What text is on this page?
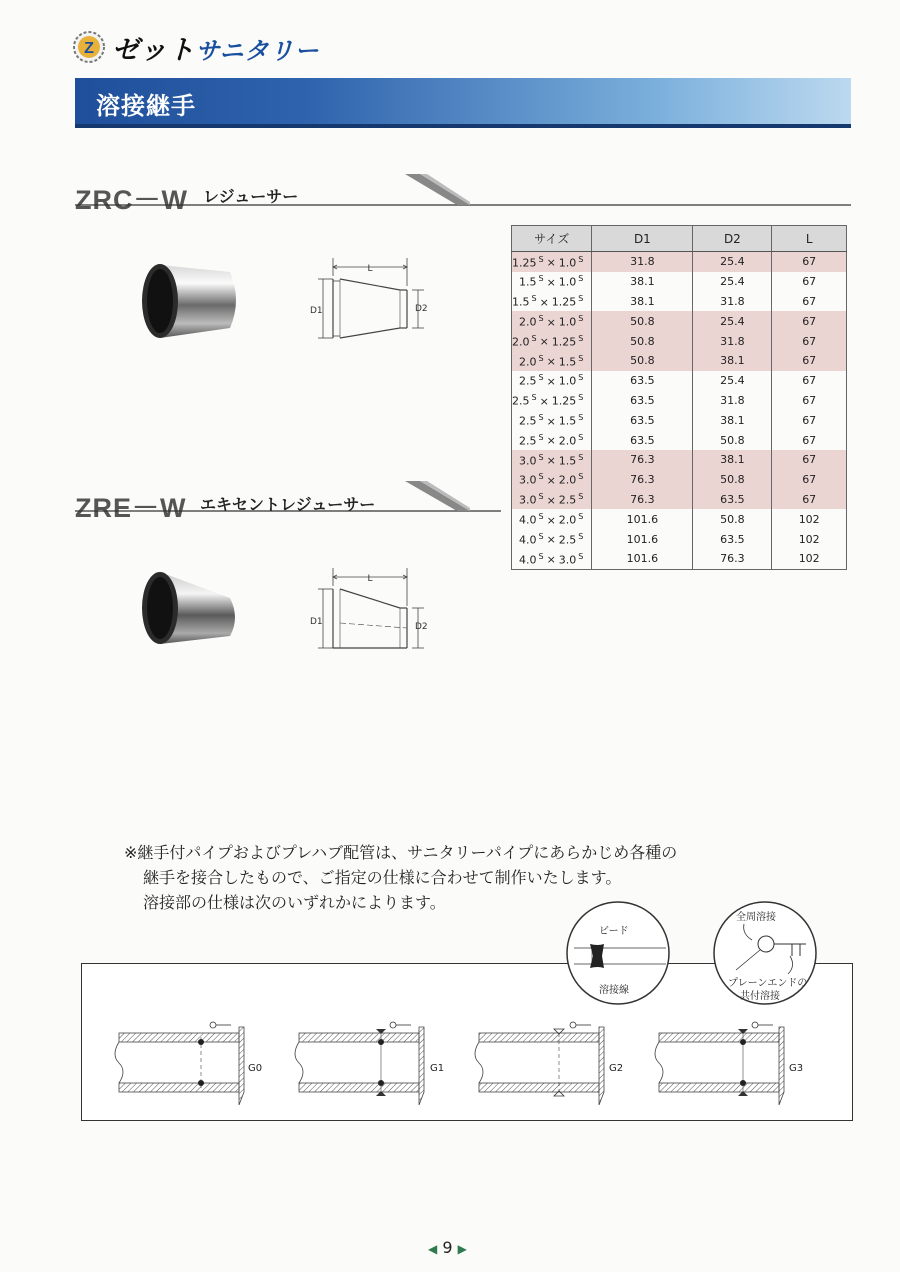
Z ゼットサニタリー
溶接継手
ZRC－W レジューサー
ZRE－W エキセントレジューサー
L
D1	D2
L
D1	D2
サイズ	D1	D2	L
1.25 $^S$ × 1.0 $^S$	31.8	25.4	67
1.5 $^S$ × 1.0 $^S$	38.1	25.4	67
1.5 $^S$ × 1.25 $^S$	38.1	31.8	67
2.0 $^S$ × 1.0 $^S$	50.8	25.4	67
2.0 $^S$ × 1.25 $^S$	50.8	31.8	67
2.0 $^S$ × 1.5 $^S$	50.8	38.1	67
2.5 $^S$ × 1.0 $^S$	63.5	25.4	67
2.5 $^S$ × 1.25 $^S$	63.5	31.8	67
2.5 $^S$ × 1.5 $^S$	63.5	38.1	67
2.5 $^S$ × 2.0 $^S$	63.5	50.8	67
3.0 $^S$ × 1.5 $^S$	76.3	38.1	67
3.0 $^S$ × 2.0 $^S$	76.3	50.8	67
3.0 $^S$ × 2.5 $^S$	76.3	63.5	67
4.0 $^S$ × 2.0 $^S$	101.6	50.8	102
4.0 $^S$ × 2.5 $^S$	101.6	63.5	102
4.0 $^S$ × 3.0 $^S$	101.6	76.3	102
※継手付パイプおよびプレハブ配管は、サニタリーパイプにあらかじめ各種の
継手を接合したもので、ご指定の仕様に合わせて制作いたします。
溶接部の仕様は次のいずれかによります。
G0	G1	G2	G3
ビード
溶接線
全周溶接
プレーンエンドの
共付溶接
◀ 9 ▶
